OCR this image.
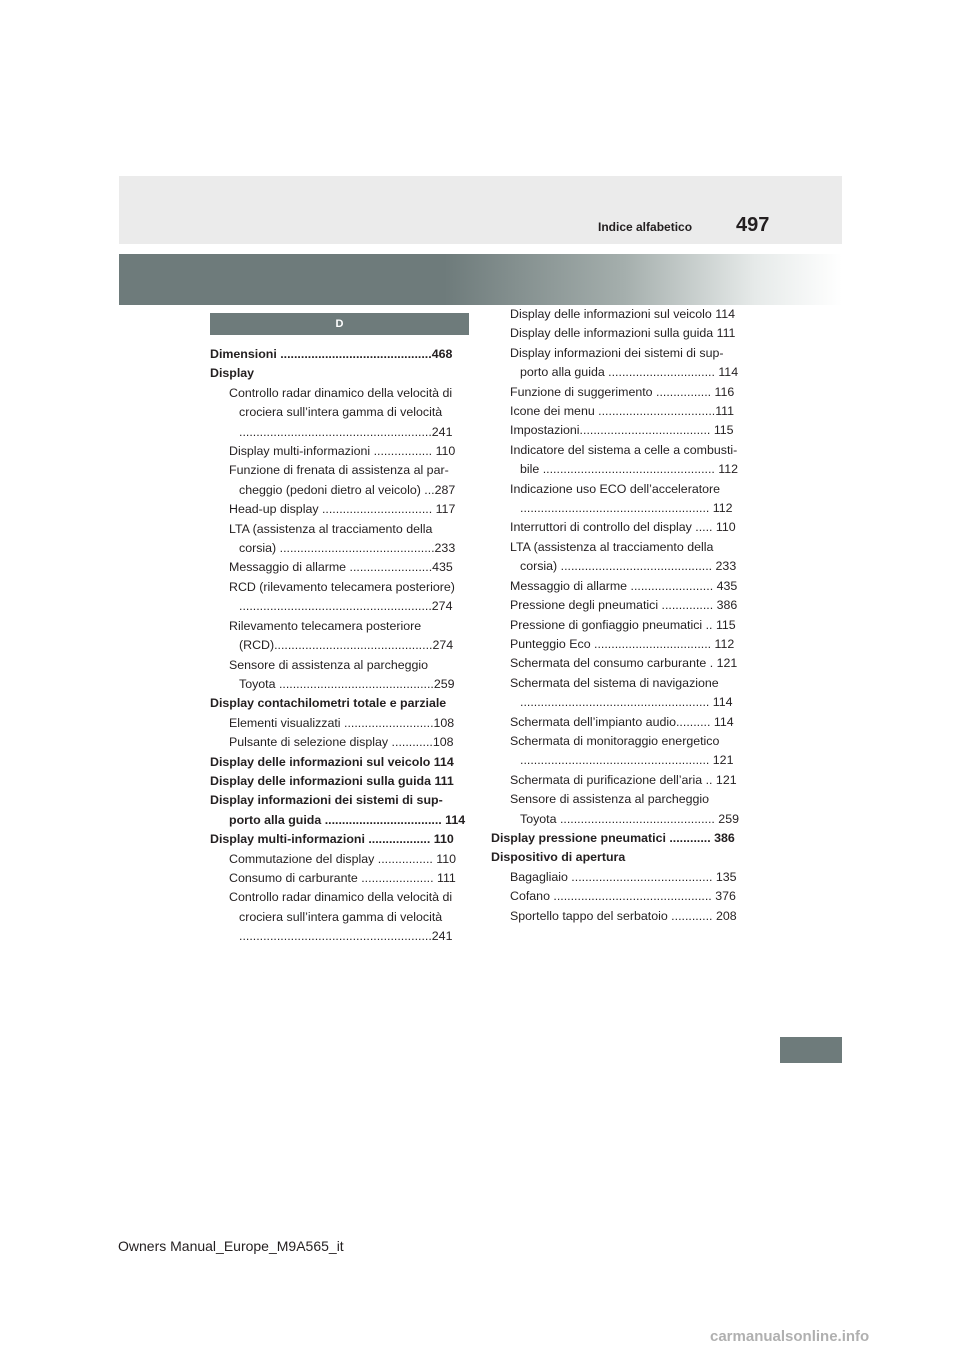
Indice alfabetico 497
D
Dimensioni ............................................468
Display
Controllo radar dinamico della velocità di
crociera sull’intera gamma di velocità
........................................................241
Display multi-informazioni ................. 110
Funzione di frenata di assistenza al par-
cheggio (pedoni dietro al veicolo) ...287
Head-up display ................................ 117
LTA (assistenza al tracciamento della
corsia) .............................................233
Messaggio di allarme ........................435
RCD (rilevamento telecamera posteriore)
........................................................274
Rilevamento telecamera posteriore
(RCD)..............................................274
Sensore di assistenza al parcheggio
Toyota .............................................259
Display contachilometri totale e parziale
Elementi visualizzati ..........................108
Pulsante di selezione display ............108
Display delle informazioni sul veicolo 114
Display delle informazioni sulla guida 111
Display informazioni dei sistemi di sup-
porto alla guida .................................. 114
Display multi-informazioni .................. 110
Commutazione del display ................ 110
Consumo di carburante ..................... 111
Controllo radar dinamico della velocità di
crociera sull’intera gamma di velocità
........................................................241
Display delle informazioni sul veicolo 114
Display delle informazioni sulla guida 111
Display informazioni dei sistemi di sup-
porto alla guida ............................... 114
Funzione di suggerimento ................ 116
Icone dei menu ..................................111
Impostazioni...................................... 115
Indicatore del sistema a celle a combusti-
bile .................................................. 112
Indicazione uso ECO dell’acceleratore
....................................................... 112
Interruttori di controllo del display ..... 110
LTA (assistenza al tracciamento della
corsia) ............................................ 233
Messaggio di allarme ........................ 435
Pressione degli pneumatici ............... 386
Pressione di gonfiaggio pneumatici .. 115
Punteggio Eco .................................. 112
Schermata del consumo carburante . 121
Schermata del sistema di navigazione
....................................................... 114
Schermata dell’impianto audio.......... 114
Schermata di monitoraggio energetico
....................................................... 121
Schermata di purificazione dell’aria .. 121
Sensore di assistenza al parcheggio
Toyota ............................................. 259
Display pressione pneumatici ............ 386
Dispositivo di apertura
Bagagliaio ......................................... 135
Cofano .............................................. 376
Sportello tappo del serbatoio ............ 208
Owners Manual_Europe_M9A565_it
carmanualsonline.info
